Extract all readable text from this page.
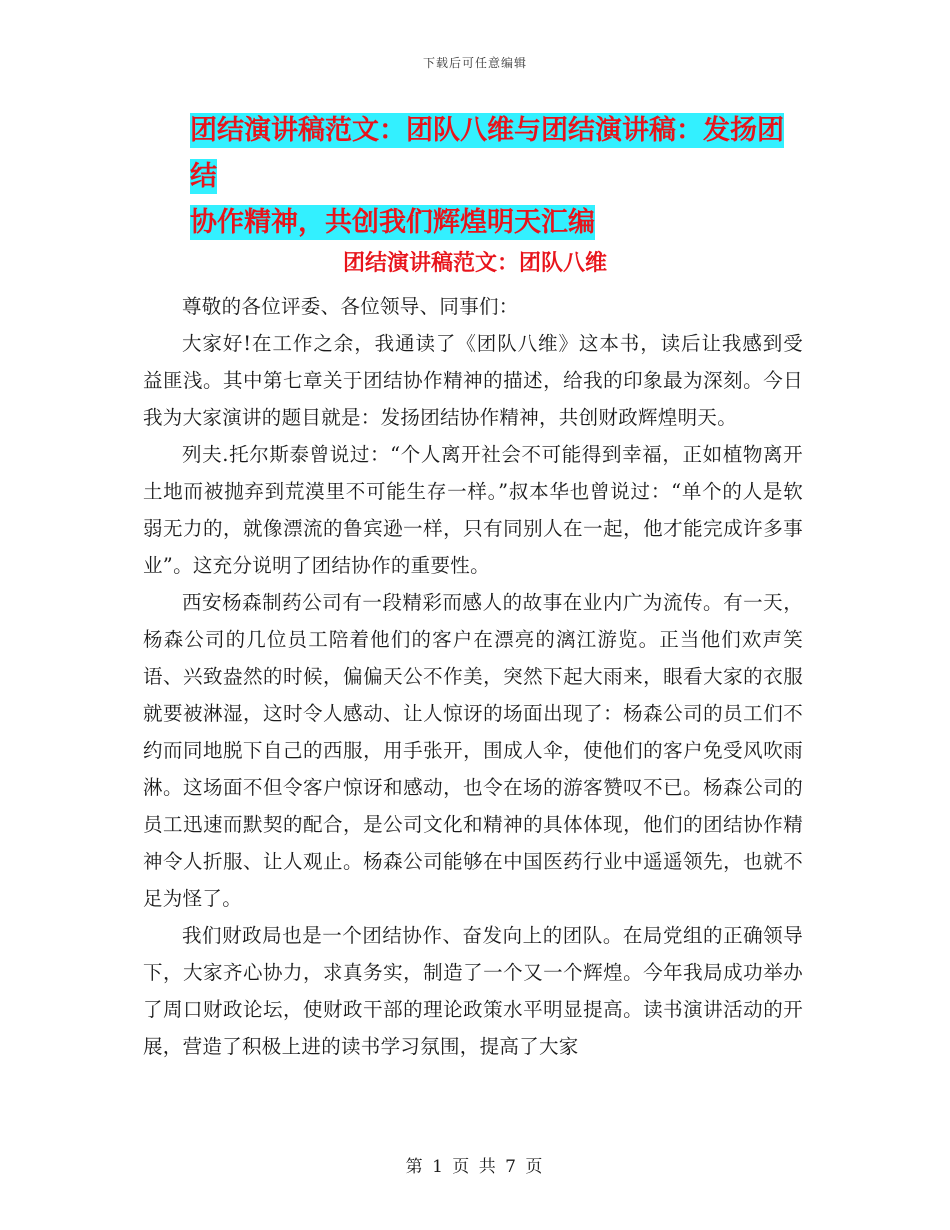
下载后可任意编辑
团结演讲稿范文：团队八维与团结演讲稿：发扬团结
协作精神，共创我们辉煌明天汇编
团结演讲稿范文：团队八维

尊敬的各位评委、各位领导、同事们：

大家好!在工作之余，我通读了《团队八维》这本书，读后让我感到受益匪浅。其中第七章关于团结协作精神的描述，给我的印象最为深刻。今日我为大家演讲的题目就是：发扬团结协作精神，共创财政辉煌明天。

列夫.托尔斯泰曾说过：“个人离开社会不可能得到幸福，正如植物离开土地而被抛弃到荒漠里不可能生存一样。”叔本华也曾说过：“单个的人是软弱无力的，就像漂流的鲁宾逊一样，只有同别人在一起，他才能完成许多事业”。这充分说明了团结协作的重要性。

西安杨森制药公司有一段精彩而感人的故事在业内广为流传。有一天，杨森公司的几位员工陪着他们的客户在漂亮的漓江游览。正当他们欢声笑语、兴致盎然的时候，偏偏天公不作美，突然下起大雨来，眼看大家的衣服就要被淋湿，这时令人感动、让人惊讶的场面出现了：杨森公司的员工们不约而同地脱下自己的西服，用手张开，围成人伞，使他们的客户免受风吹雨淋。这场面不但令客户惊讶和感动，也令在场的游客赞叹不已。杨森公司的员工迅速而默契的配合，是公司文化和精神的具体体现，他们的团结协作精神令人折服、让人观止。杨森公司能够在中国医药行业中遥遥领先，也就不足为怪了。

我们财政局也是一个团结协作、奋发向上的团队。在局党组的正确领导下，大家齐心协力，求真务实，制造了一个又一个辉煌。今年我局成功举办了周口财政论坛，使财政干部的理论政策水平明显提高。读书演讲活动的开展，营造了积极上进的读书学习氛围，提高了大家

第 1 页 共 7 页
